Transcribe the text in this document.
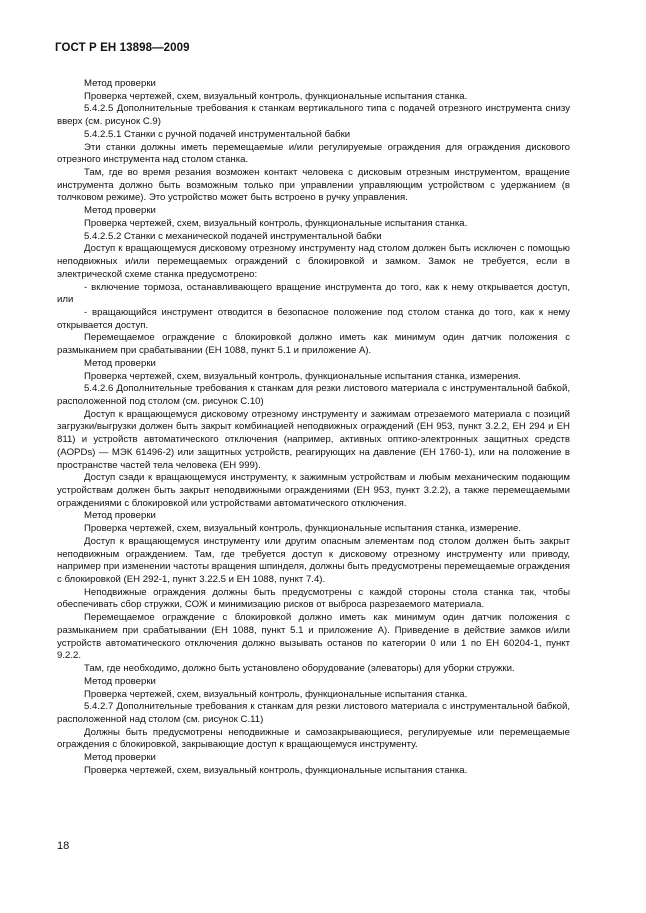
ГОСТ Р ЕН 13898—2009

Метод проверки

Проверка чертежей, схем, визуальный контроль, функциональные испытания станка.

5.4.2.5 Дополнительные требования к станкам вертикального типа с подачей отрезного инструмента снизу вверх (см. рисунок С.9)

5.4.2.5.1 Станки с ручной подачей инструментальной бабки

Эти станки должны иметь перемещаемые и/или регулируемые ограждения для ограждения дискового отрезного инструмента над столом станка.

Там, где во время резания возможен контакт человека с дисковым отрезным инструментом, вращение инструмента должно быть возможным только при управлении управляющим устройством с удержанием (в толчковом режиме). Это устройство может быть встроено в ручку управления.

Метод проверки

Проверка чертежей, схем, визуальный контроль, функциональные испытания станка.

5.4.2.5.2 Станки с механической подачей инструментальной бабки

Доступ к вращающемуся дисковому отрезному инструменту над столом должен быть исключен с помощью неподвижных и/или перемещаемых ограждений с блокировкой и замком. Замок не требуется, если в электрической схеме станка предусмотрено:

- включение тормоза, останавливающего вращение инструмента до того, как к нему открывается доступ, или

- вращающийся инструмент отводится в безопасное положение под столом станка до того, как к нему открывается доступ.

Перемещаемое ограждение с блокировкой должно иметь как минимум один датчик положения с размыканием при срабатывании (ЕН 1088, пункт 5.1 и приложение А).

Метод проверки

Проверка чертежей, схем, визуальный контроль, функциональные испытания станка, измерения.

5.4.2.6 Дополнительные требования к станкам для резки листового материала с инструментальной бабкой, расположенной под столом (см. рисунок С.10)

Доступ к вращающемуся дисковому отрезному инструменту и зажимам отрезаемого материала с позиций загрузки/выгрузки должен быть закрыт комбинацией неподвижных ограждений (ЕН 953, пункт 3.2.2, ЕН 294 и ЕН 811) и устройств автоматического отключения (например, активных оптико-электронных защитных средств (AOPDs) — МЭК 61496-2) или защитных устройств, реагирующих на давление (ЕН 1760-1), или на положение в пространстве частей тела человека (ЕН 999).

Доступ сзади к вращающемуся инструменту, к зажимным устройствам и любым механическим подающим устройствам должен быть закрыт неподвижными ограждениями (ЕН 953, пункт 3.2.2), а также перемещаемыми ограждениями с блокировкой или устройствами автоматического отключения.

Метод проверки

Проверка чертежей, схем, визуальный контроль, функциональные испытания станка, измерение.

Доступ к вращающемуся инструменту или другим опасным элементам под столом должен быть закрыт неподвижным ограждением. Там, где требуется доступ к дисковому отрезному инструменту или приводу, например при изменении частоты вращения шпинделя, должны быть предусмотрены перемещаемые ограждения с блокировкой (ЕН 292-1, пункт 3.22.5 и ЕН 1088, пункт 7.4).

Неподвижные ограждения должны быть предусмотрены с каждой стороны стола станка так, чтобы обеспечивать сбор стружки, СОЖ и минимизацию рисков от выброса разрезаемого материала.

Перемещаемое ограждение с блокировкой должно иметь как минимум один датчик положения с размыканием при срабатывании (ЕН 1088, пункт 5.1 и приложение А). Приведение в действие замков и/или устройств автоматического отключения должно вызывать останов по категории 0 или 1 по ЕН 60204-1, пункт 9.2.2.

Там, где необходимо, должно быть установлено оборудование (элеваторы) для уборки стружки.

Метод проверки

Проверка чертежей, схем, визуальный контроль, функциональные испытания станка.

5.4.2.7 Дополнительные требования к станкам для резки листового материала с инструментальной бабкой, расположенной над столом (см. рисунок С.11)

Должны быть предусмотрены неподвижные и самозакрывающиеся, регулируемые или перемещаемые ограждения с блокировкой, закрывающие доступ к вращающемуся инструменту.

Метод проверки

Проверка чертежей, схем, визуальный контроль, функциональные испытания станка.

18
